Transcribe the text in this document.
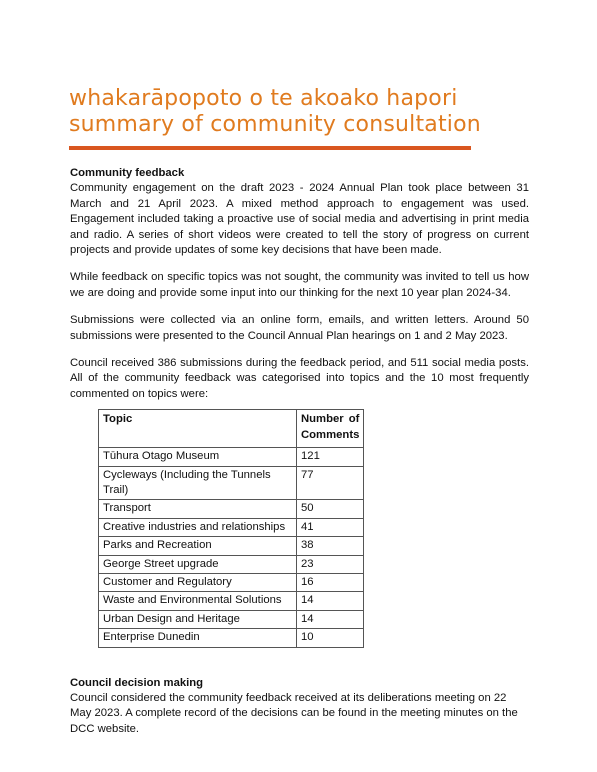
whakarāpopoto o te akoako hapori
summary of community consultation
Community feedback

Community engagement on the draft 2023 - 2024 Annual Plan took place between 31 March and 21 April 2023. A mixed method approach to engagement was used. Engagement included taking a proactive use of social media and advertising in print media and radio. A series of short videos were created to tell the story of progress on current projects and provide updates of some key decisions that have been made.

While feedback on specific topics was not sought, the community was invited to tell us how we are doing and provide some input into our thinking for the next 10 year plan 2024-34.

Submissions were collected via an online form, emails, and written letters. Around 50 submissions were presented to the Council Annual Plan hearings on 1 and 2 May 2023.

Council received 386 submissions during the feedback period, and 511 social media posts. All of the community feedback was categorised into topics and the 10 most frequently commented on topics were:

Topic	Number of
Comments
Tūhura Otago Museum	121
Cycleways (Including the Tunnels Trail)	77
Transport	50
Creative industries and relationships	41
Parks and Recreation	38
George Street upgrade	23
Customer and Regulatory	16
Waste and Environmental Solutions	14
Urban Design and Heritage	14
Enterprise Dunedin	10
Council decision making

Council considered the community feedback received at its deliberations meeting on 22 May 2023. A complete record of the decisions can be found in the meeting minutes on the DCC website.
